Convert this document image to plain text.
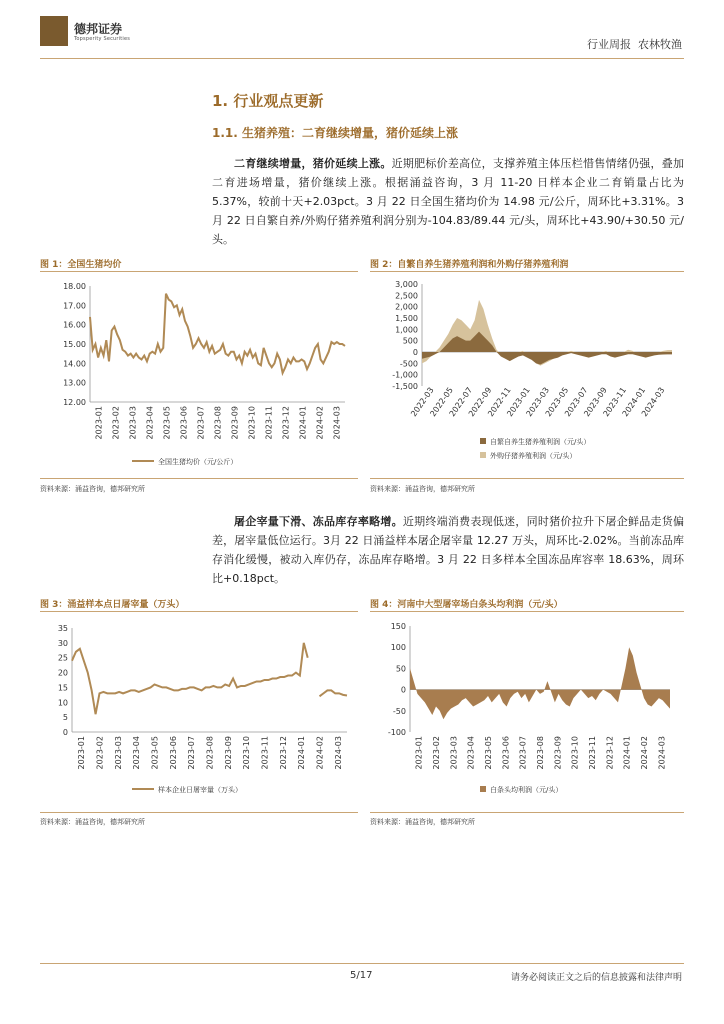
德邦证券
Topsperity Securities	行业周报 农林牧渔
1. 行业观点更新
1.1. 生猪养殖：二育继续增量，猪价延续上涨
二育继续增量，猪价延续上涨。近期肥标价差高位，支撑养殖主体压栏惜售情绪仍强，叠加二育进场增量，猪价继续上涨。根据涌益咨询，3 月 11-20 日样本企业二育销量占比为 5.37%，较前十天+2.03pct。3 月 22 日全国生猪均价为 14.98 元/公斤，周环比+3.31%。3 月 22 日自繁自养/外购仔猪养殖利润分别为-104.83/89.44 元/头，周环比+43.90/+30.50 元/头。
图 1：全国生猪均价	图 2：自繁自养生猪养殖利润和外购仔猪养殖利润
12.00
13.00
14.00
15.00
16.00
17.00
18.00
2023-01 2023-02 2023-03 2023-04 2023-05 2023-06 2023-07 2023-08 2023-09 2023-10 2023-11 2023-12 2024-01 2024-02 2024-03
全国生猪均价（元/公斤）
3,000
2,500
2,000
1,500
1,000
500
0
-500
-1,000
-1,500
2022-03
2022-05
2022-07
2022-09
2022-11
2023-01
2023-03
2023-05
2023-07
2023-09
2023-11
2024-01
2024-03
自繁自养生猪养殖利润（元/头）
外购仔猪养殖利润（元/头）
资料来源：涌益咨询，德邦研究所	资料来源：涌益咨询，德邦研究所
屠企宰量下滑、冻品库存率略增。近期终端消费表现低迷，同时猪价拉升下屠企鲜品走货偏差，屠宰量低位运行。3月 22 日涌益样本屠企屠宰量 12.27 万头，周环比-2.02%。当前冻品库存消化缓慢，被动入库仍存，冻品库存略增。3 月 22 日多样本全国冻品库容率 18.63%，周环比+0.18pct。
图 3：涌益样本点日屠宰量（万头）	图 4：河南中大型屠宰场白条头均利润（元/头）
0
5
10
15
20
25
30
35
2023-01 2023-02 2023-03 2023-04 2023-05 2023-06 2023-07 2023-08 2023-09 2023-10 2023-11 2023-12 2024-01 2024-02 2024-03
样本企业日屠宰量（万头）
150
100
50
0
-50
-100
2023-01 2023-02 2023-03 2023-04 2023-05 2023-06 2023-07 2023-08 2023-09 2023-10 2023-11 2023-12 2024-01 2024-02 2024-03
白条头均利润（元/头）
资料来源：涌益咨询，德邦研究所	资料来源：涌益咨询，德邦研究所
5/17	请务必阅读正文之后的信息披露和法律声明
